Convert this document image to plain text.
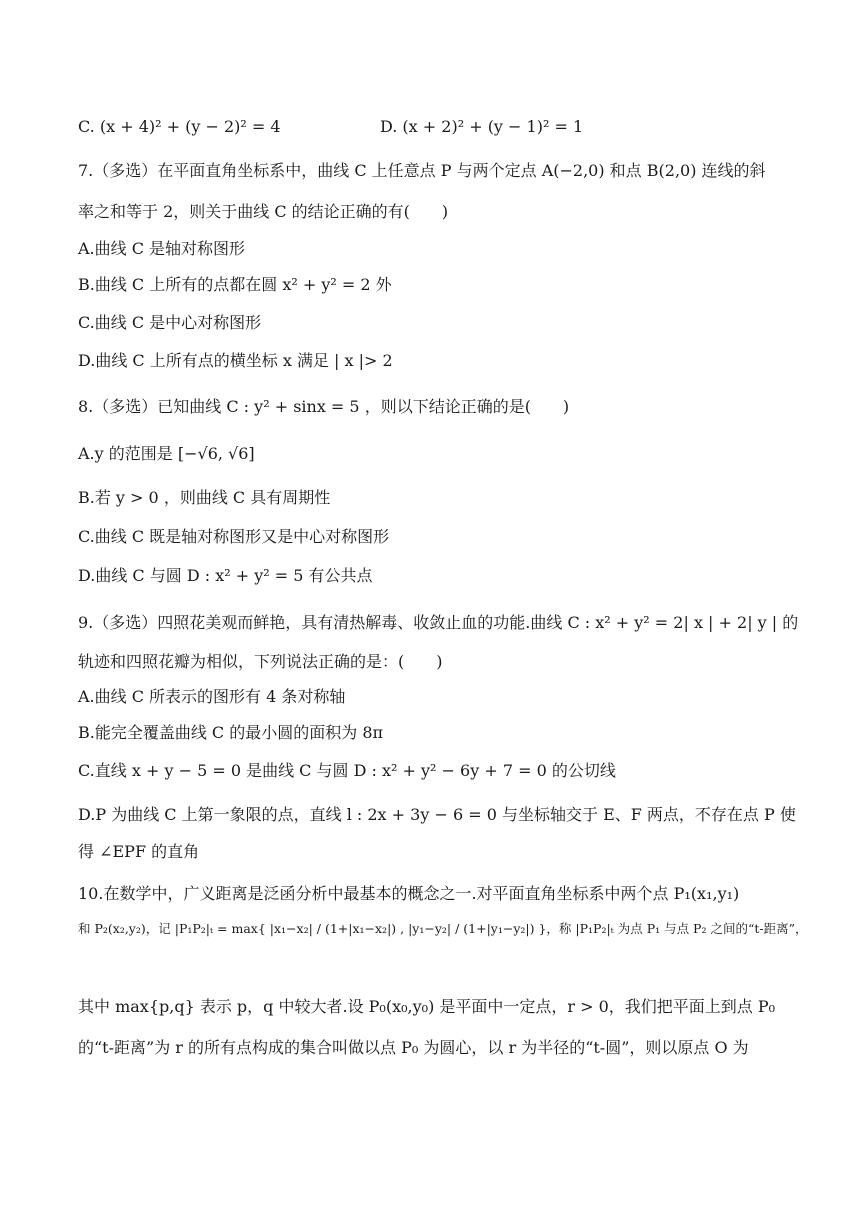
C. (x + 4)² + (y − 2)² = 4	D. (x + 2)² + (y − 1)² = 1
7.（多选）在平面直角坐标系中，曲线 C 上任意点 P 与两个定点 A(−2,0) 和点 B(2,0) 连线的斜
率之和等于 2，则关于曲线 C 的结论正确的有(　　)
A.曲线 C 是轴对称图形
B.曲线 C 上所有的点都在圆 x² + y² = 2 外
C.曲线 C 是中心对称图形
D.曲线 C 上所有点的横坐标 x 满足 | x |> 2
8.（多选）已知曲线 C : y² + sinx = 5 ，则以下结论正确的是(　　)
A.y 的范围是 [−√6, √6]
B.若 y > 0 ，则曲线 C 具有周期性
C.曲线 C 既是轴对称图形又是中心对称图形
D.曲线 C 与圆 D : x² + y² = 5 有公共点
9.（多选）四照花美观而鲜艳，具有清热解毒、收敛止血的功能.曲线 C : x² + y² = 2| x | + 2| y | 的
轨迹和四照花瓣为相似，下列说法正确的是：(　　)
A.曲线 C 所表示的图形有 4 条对称轴
B.能完全覆盖曲线 C 的最小圆的面积为 8π
C.直线 x + y − 5 = 0 是曲线 C 与圆 D : x² + y² − 6y + 7 = 0 的公切线
D.P 为曲线 C 上第一象限的点，直线 l : 2x + 3y − 6 = 0 与坐标轴交于 E、F 两点，不存在点 P 使
得 ∠EPF 的直角
10.在数学中，广义距离是泛函分析中最基本的概念之一.对平面直角坐标系中两个点 P₁(x₁,y₁)
和 P₂(x₂,y₂)，记 |P₁P₂|ₜ = max{ |x₁−x₂| / (1+|x₁−x₂|) , |y₁−y₂| / (1+|y₁−y₂|) }，称 |P₁P₂|ₜ 为点 P₁ 与点 P₂ 之间的“t-距离”，
其中 max{p,q} 表示 p，q 中较大者.设 P₀(x₀,y₀) 是平面中一定点，r > 0，我们把平面上到点 P₀
的“t-距离”为 r 的所有点构成的集合叫做以点 P₀ 为圆心，以 r 为半径的“t-圆”，则以原点 O 为
